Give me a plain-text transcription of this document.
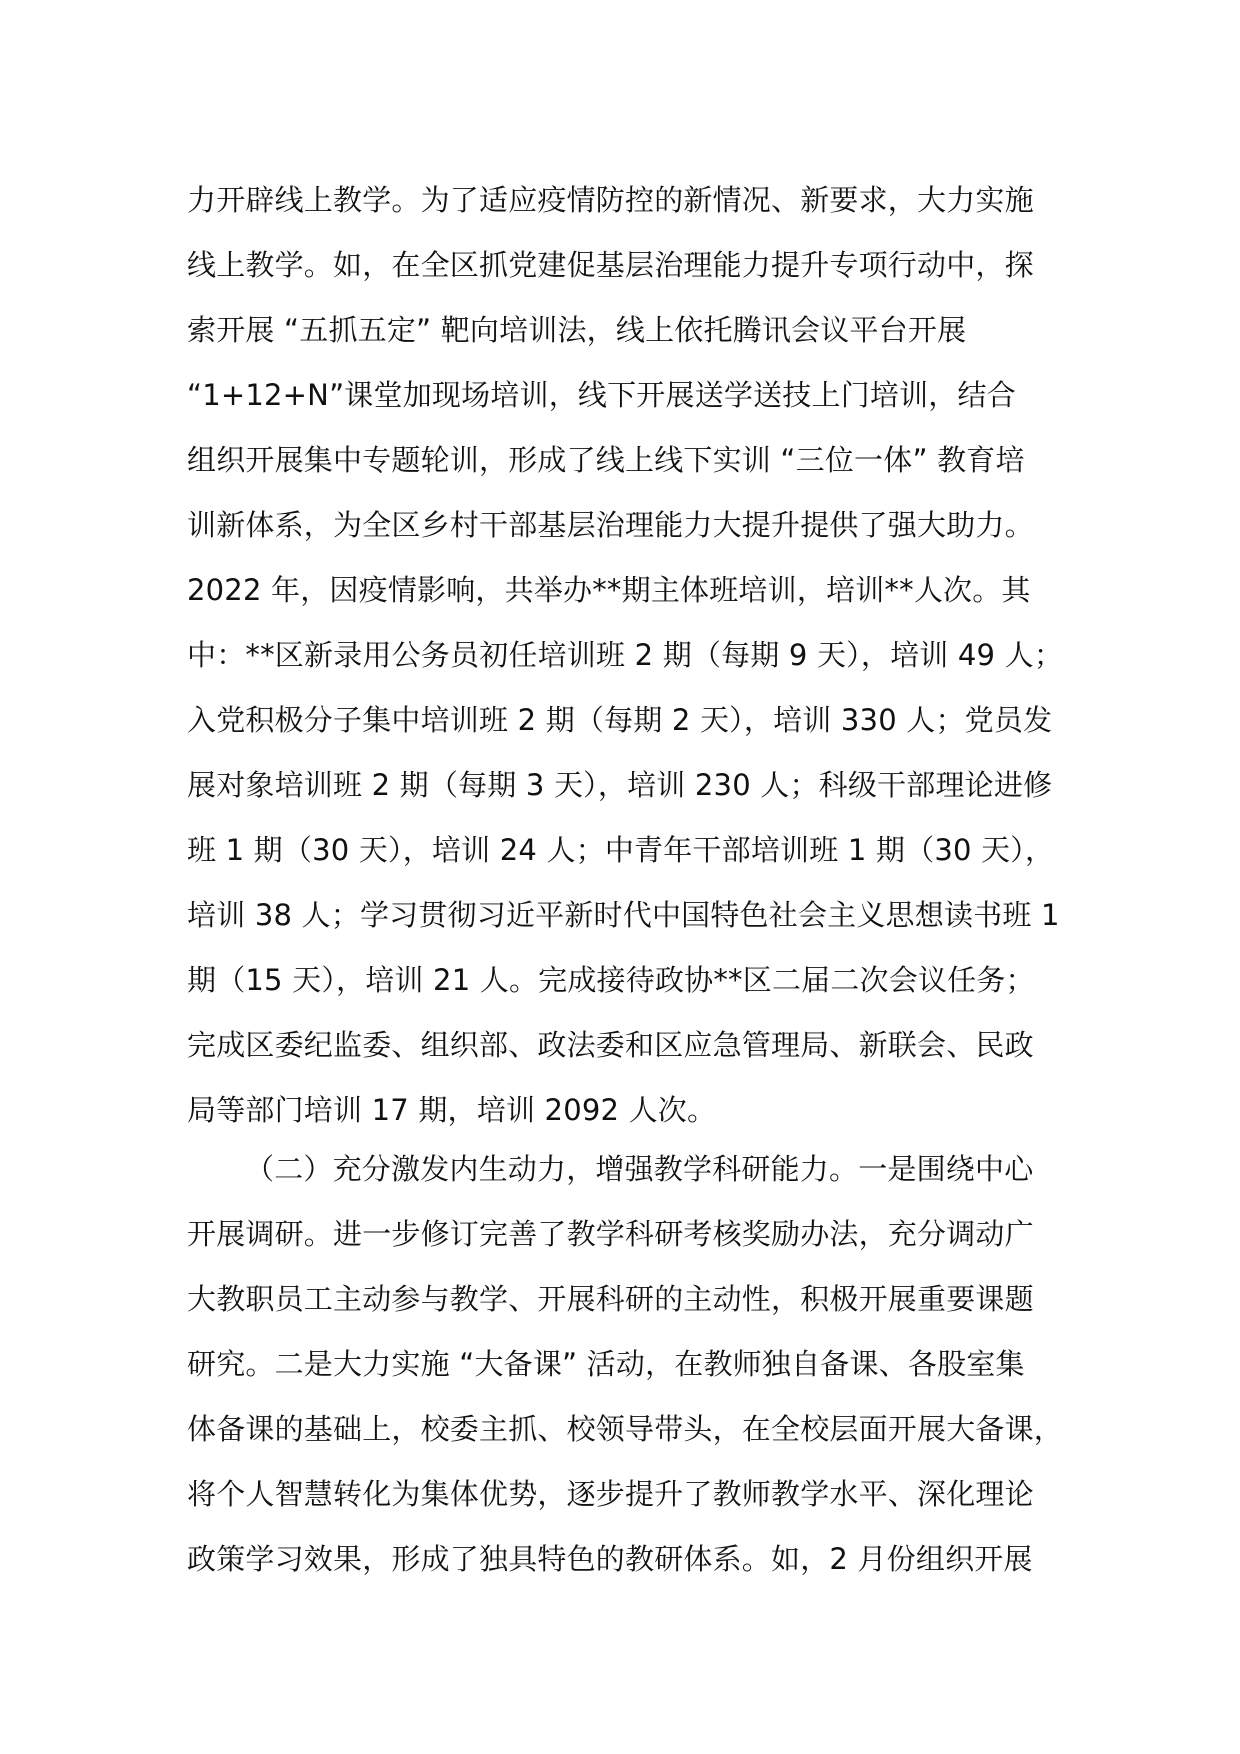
力开辟线上教学。为了适应疫情防控的新情况、新要求，大力实施
线上教学。如，在全区抓党建促基层治理能力提升专项行动中，探
索开展 “五抓五定” 靶向培训法，线上依托腾讯会议平台开展
“1+12+N”课堂加现场培训，线下开展送学送技上门培训，结合
组织开展集中专题轮训，形成了线上线下实训 “三位一体” 教育培
训新体系，为全区乡村干部基层治理能力大提升提供了强大助力。
2022 年，因疫情影响，共举办**期主体班培训，培训**人次。其
中：**区新录用公务员初任培训班 2 期（每期 9 天），培训 49 人；
入党积极分子集中培训班 2 期（每期 2 天），培训 330 人；党员发
展对象培训班 2 期（每期 3 天），培训 230 人；科级干部理论进修
班 1 期（30 天），培训 24 人；中青年干部培训班 1 期（30 天），
培训 38 人；学习贯彻习近平新时代中国特色社会主义思想读书班 1
期（15 天），培训 21 人。完成接待政协**区二届二次会议任务；
完成区委纪监委、组织部、政法委和区应急管理局、新联会、民政
局等部门培训 17 期，培训 2092 人次。
（二）充分激发内生动力，增强教学科研能力。一是围绕中心
开展调研。进一步修订完善了教学科研考核奖励办法，充分调动广
大教职员工主动参与教学、开展科研的主动性，积极开展重要课题
研究。二是大力实施 “大备课” 活动，在教师独自备课、各股室集
体备课的基础上，校委主抓、校领导带头，在全校层面开展大备课，
将个人智慧转化为集体优势，逐步提升了教师教学水平、深化理论
政策学习效果，形成了独具特色的教研体系。如，2 月份组织开展
